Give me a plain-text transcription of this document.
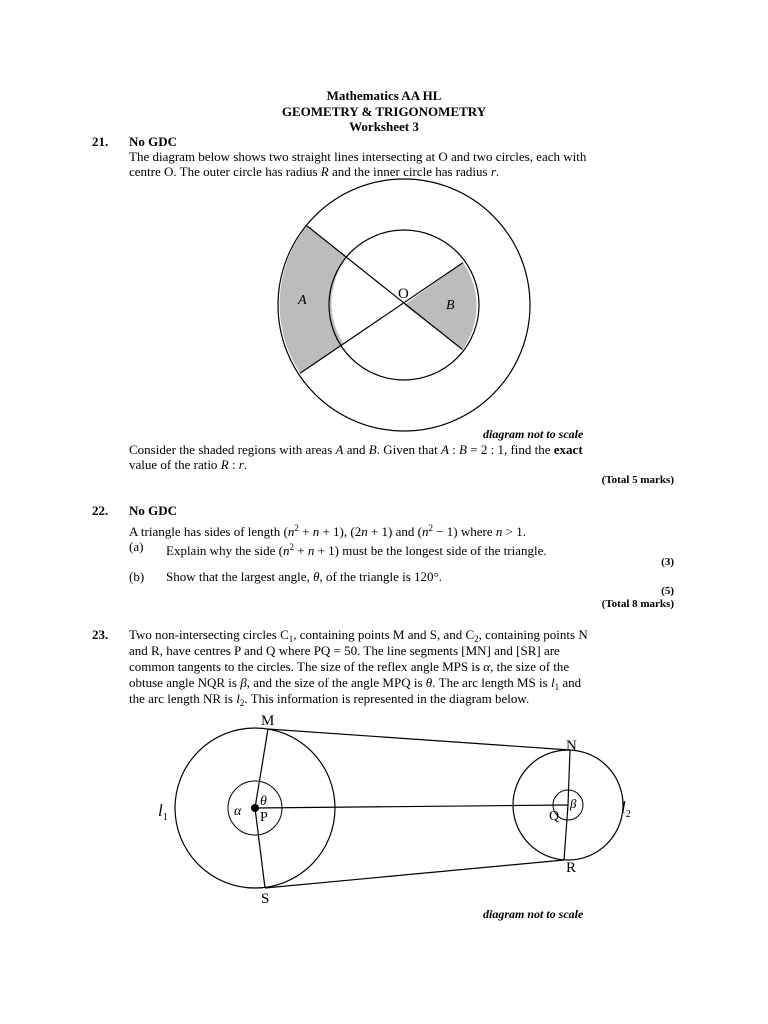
Mathematics AA HL
GEOMETRY & TRIGONOMETRY
Worksheet 3
21. No GDC
The diagram below shows two straight lines intersecting at O and two circles, each with
centre O. The outer circle has radius R and the inner circle has radius r.
O
A	B
diagram not to scale
Consider the shaded regions with areas A and B. Given that A : B = 2 : 1, find the exact
value of the ratio R : r.
(Total 5 marks)
22. No GDC
A triangle has sides of length $(n^2 + n + 1)$, (2n + 1) and $(n^2 - 1)$ where n > 1.
(a) Explain why the side $(n^2 + n + 1)$ must be the longest side of the triangle.
(3)
(b) Show that the largest angle, θ, of the triangle is 120°.
(5)
(Total 8 marks)
23. Two non-intersecting circles $C_1$, containing points M and S, and $C_2$, containing points N
and R, have centres P and Q where PQ = 50. The line segments [MN] and [SR] are
common tangents to the circles. The size of the reflex angle MPS is α, the size of the
obtuse angle NQR is β, and the size of the angle MPQ is θ. The arc length MS is $l_1$ and
the arc length NR is $l_2$. This information is represented in the diagram below.
M
N
S
R
P	Q
α
θ	β
$l_1$
$l_2$
diagram not to scale
